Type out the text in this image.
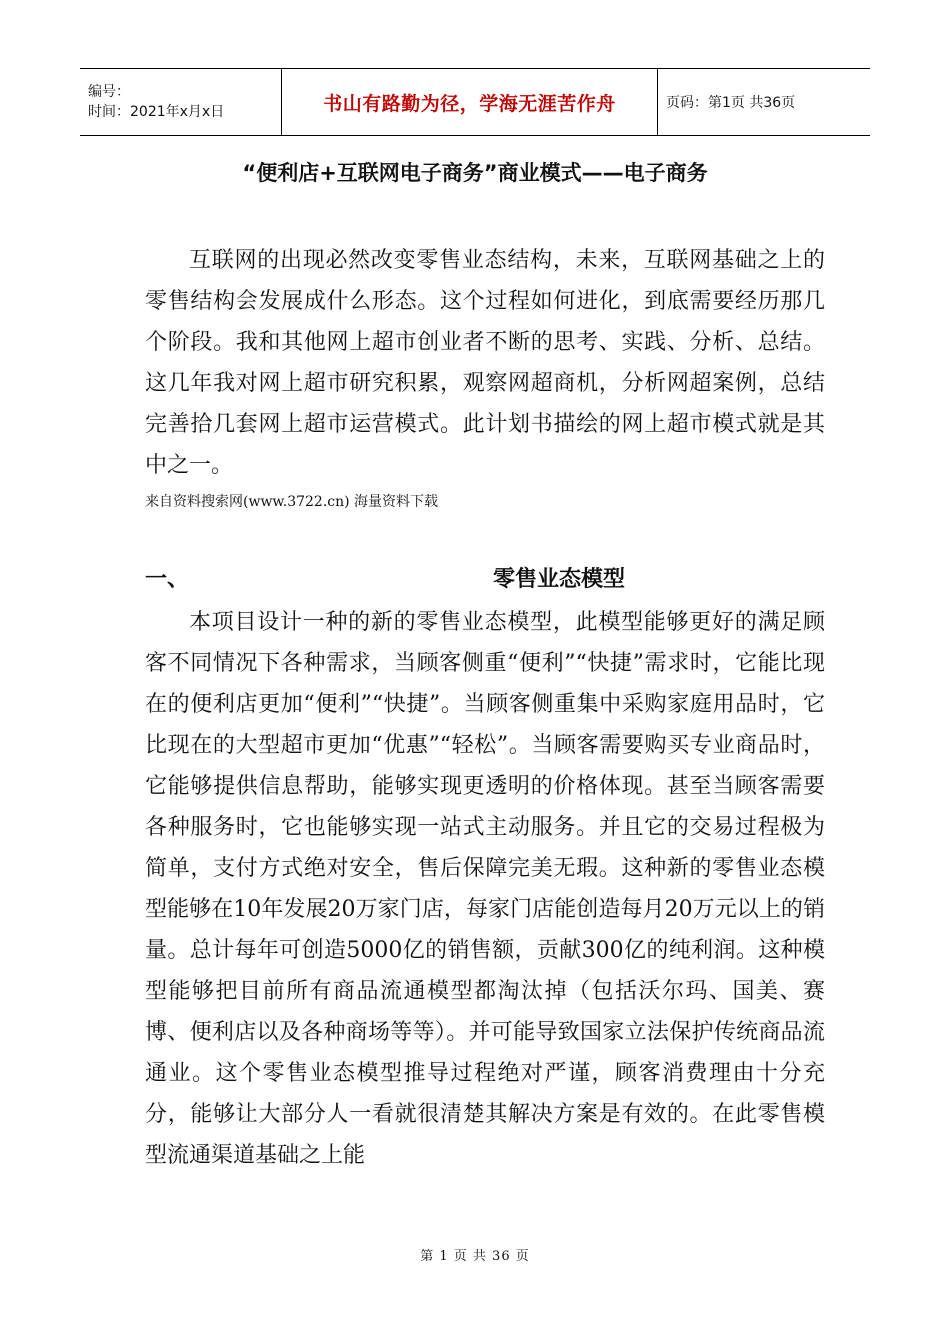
编号：
时间：2021年x月x日	书山有路勤为径，学海无涯苦作舟	页码：第1页 共36页
“便利店+互联网电子商务”商业模式——电子商务

互联网的出现必然改变零售业态结构，未来，互联网基础之上的零售结构会发展成什么形态。这个过程如何进化，到底需要经历那几个阶段。我和其他网上超市创业者不断的思考、实践、分析、总结。这几年我对网上超市研究积累，观察网超商机，分析网超案例，总结完善拾几套网上超市运营模式。此计划书描绘的网上超市模式就是其中之一。

来自资料搜索网(www.3722.cn) 海量资料下载
一、	零售业态模型

本项目设计一种的新的零售业态模型，此模型能够更好的满足顾客不同情况下各种需求，当顾客侧重“便利”“快捷”需求时，它能比现在的便利店更加“便利”“快捷”。当顾客侧重集中采购家庭用品时，它比现在的大型超市更加“优惠”“轻松”。当顾客需要购买专业商品时，它能够提供信息帮助，能够实现更透明的价格体现。甚至当顾客需要各种服务时，它也能够实现一站式主动服务。并且它的交易过程极为简单，支付方式绝对安全，售后保障完美无瑕。这种新的零售业态模型能够在10年发展20万家门店，每家门店能创造每月20万元以上的销量。总计每年可创造5000亿的销售额，贡献300亿的纯利润。这种模型能够把目前所有商品流通模型都淘汰掉（包括沃尔玛、国美、赛博、便利店以及各种商场等等）。并可能导致国家立法保护传统商品流通业。这个零售业态模型推导过程绝对严谨，顾客消费理由十分充分，能够让大部分人一看就很清楚其解决方案是有效的。在此零售模型流通渠道基础之上能

第 1 页 共 36 页
